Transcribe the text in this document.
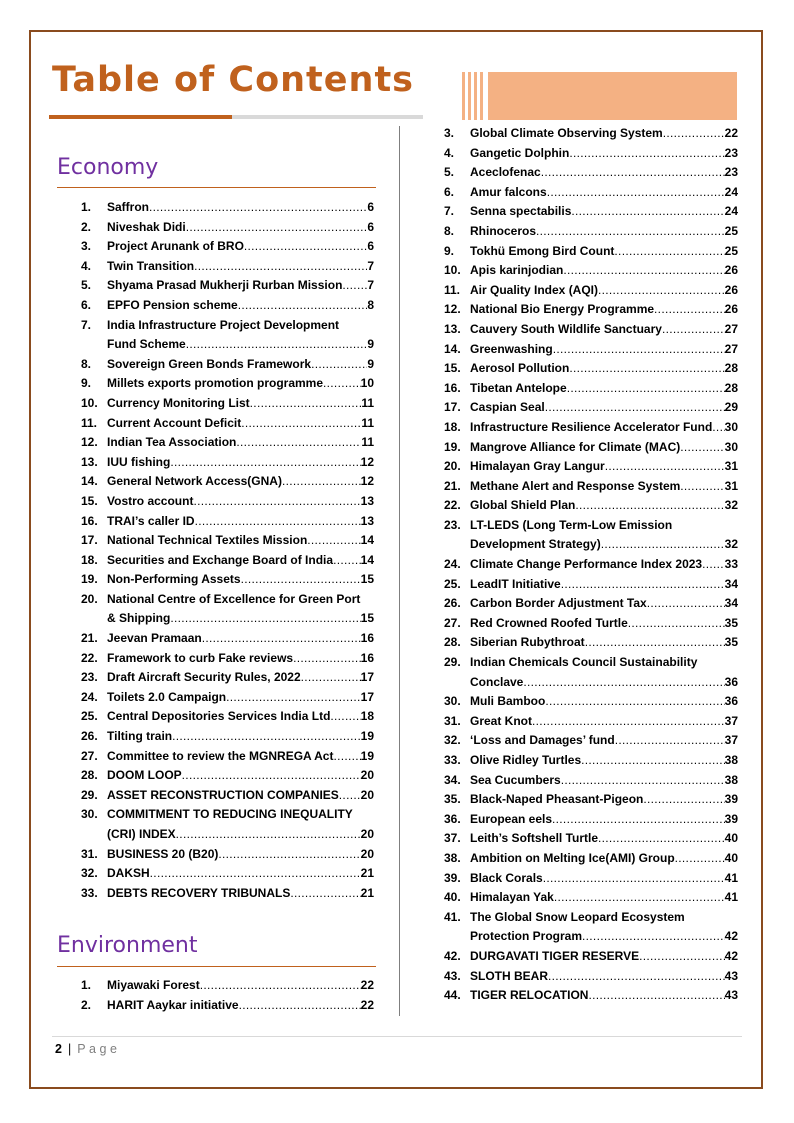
Table of Contents
Economy
1.	Saffron .....	6
2.	Niveshak Didi .....	6
3.	Project Arunank of BRO .....	6
4.	Twin Transition .....	7
5.	Shyama Prasad Mukherji Rurban Mission ..... 7
6.	EPFO Pension scheme .....	8
7.	India Infrastructure Project Development
Fund Scheme .....	9
8.	Sovereign Green Bonds Framework .....	9
9.	Millets exports promotion programme .....	10
10. Currency Monitoring List .....	11
11. Current Account Deficit .....	11
12. Indian Tea Association .....	11
13. IUU fishing .....	12
14. General Network Access(GNA) .....	12
15. Vostro account .....	13
16. TRAI’s caller ID .....	13
17. National Technical Textiles Mission .....	14
18. Securities and Exchange Board of India ..... 14
19. Non-Performing Assets .....	15
20. National Centre of Excellence for Green Port
& Shipping .....	15
21. Jeevan Pramaan .....	16
22. Framework to curb Fake reviews .....	16
23. Draft Aircraft Security Rules, 2022 .....	17
24. Toilets 2.0 Campaign .....	17
25. Central Depositories Services India Ltd .....	18
26. Tilting train .....	19
27. Committee to review the MGNREGA Act ..... 19
28. DOOM LOOP .....	20
29. ASSET RECONSTRUCTION COMPANIES ..... 20
30. COMMITMENT TO REDUCING INEQUALITY
(CRI) INDEX .....	20
31. BUSINESS 20 (B20) .....	20
32. DAKSH .....	21
33. DEBTS RECOVERY TRIBUNALS .....	21
Environment
1.	Miyawaki Forest .....	22
2.	HARIT Aaykar initiative .....	22
3.	Global Climate Observing System .....	22
4.	Gangetic Dolphin .....	23
5.	Aceclofenac .....	23
6.	Amur falcons .....	24
7.	Senna spectabilis .....	24
8.	Rhinoceros .....	25
9.	Tokhü Emong Bird Count .....	25
10. Apis karinjodian .....	26
11. Air Quality Index (AQI) .....	26
12. National Bio Energy Programme .....	26
13. Cauvery South Wildlife Sanctuary .....	27
14. Greenwashing .....	27
15. Aerosol Pollution .....	28
16. Tibetan Antelope .....	28
17. Caspian Seal .....	29
18. Infrastructure Resilience Accelerator Fund ..... 30
19. Mangrove Alliance for Climate (MAC) .....	30
20. Himalayan Gray Langur .....	31
21. Methane Alert and Response System .....	31
22. Global Shield Plan .....	32
23. LT-LEDS (Long Term-Low Emission
Development Strategy) .....	32
24. Climate Change Performance Index 2023 ..... 33
25. LeadIT Initiative .....	34
26. Carbon Border Adjustment Tax .....	34
27. Red Crowned Roofed Turtle .....	35
28. Siberian Rubythroat .....	35
29. Indian Chemicals Council Sustainability
Conclave .....	36
30. Muli Bamboo .....	36
31. Great Knot .....	37
32. ‘Loss and Damages’ fund .....	37
33. Olive Ridley Turtles .....	38
34. Sea Cucumbers .....	38
35. Black-Naped Pheasant-Pigeon .....	39
36. European eels .....	39
37. Leith’s Softshell Turtle .....	40
38. Ambition on Melting Ice(AMI) Group .....	40
39. Black Corals .....	41
40. Himalayan Yak .....	41
41. The Global Snow Leopard Ecosystem
Protection Program .....	42
42. DURGAVATI TIGER RESERVE .....	42
43. SLOTH BEAR .....	43
44. TIGER RELOCATION .....	43
2 | Page
